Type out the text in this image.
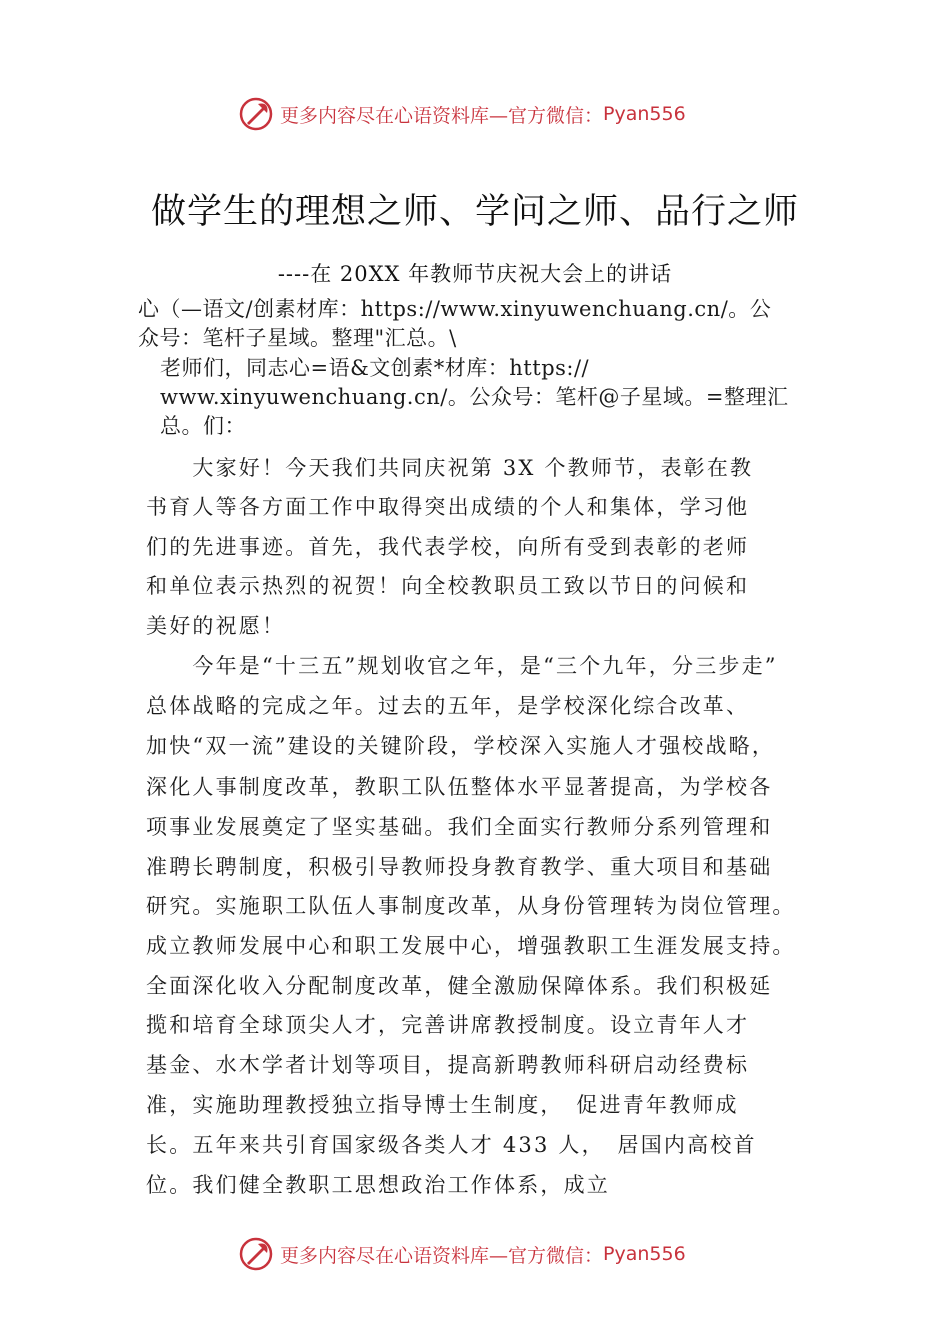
更多内容尽在心语资料库—官方微信： Pyan556
做学生的理想之师、学问之师、品行之师
----在 20XX 年教师节庆祝大会上的讲话
心（—语文/创素材库：https://www.xinyuwenchuang.cn/。公
众号：笔杆子星域。整理"汇总。\
老师们，同志心=语&文创素*材库：https://
www.xinyuwenchuang.cn/。公众号：笔杆@子星域。=整理汇
总。们：
　　大家好！今天我们共同庆祝第 3X 个教师节，表彰在教
书育人等各方面工作中取得突出成绩的个人和集体，学习他
们的先进事迹。首先，我代表学校，向所有受到表彰的老师
和单位表示热烈的祝贺！向全校教职员工致以节日的问候和
美好的祝愿！
　　今年是“十三五”规划收官之年，是“三个九年，分三步走”
总体战略的完成之年。过去的五年，是学校深化综合改革、
加快“双一流”建设的关键阶段，学校深入实施人才强校战略，
深化人事制度改革，教职工队伍整体水平显著提高，为学校各
项事业发展奠定了坚实基础。我们全面实行教师分系列管理和
准聘长聘制度，积极引导教师投身教育教学、重大项目和基础
研究。实施职工队伍人事制度改革，从身份管理转为岗位管理。
成立教师发展中心和职工发展中心，增强教职工生涯发展支持。
全面深化收入分配制度改革，健全激励保障体系。我们积极延
揽和培育全球顶尖人才，完善讲席教授制度。设立青年人才
基金、水木学者计划等项目，提高新聘教师科研启动经费标
准，实施助理教授独立指导博士生制度，　促进青年教师成
长。五年来共引育国家级各类人才 433 人，　居国内高校首
位。我们健全教职工思想政治工作体系，成立
更多内容尽在心语资料库—官方微信： Pyan556
